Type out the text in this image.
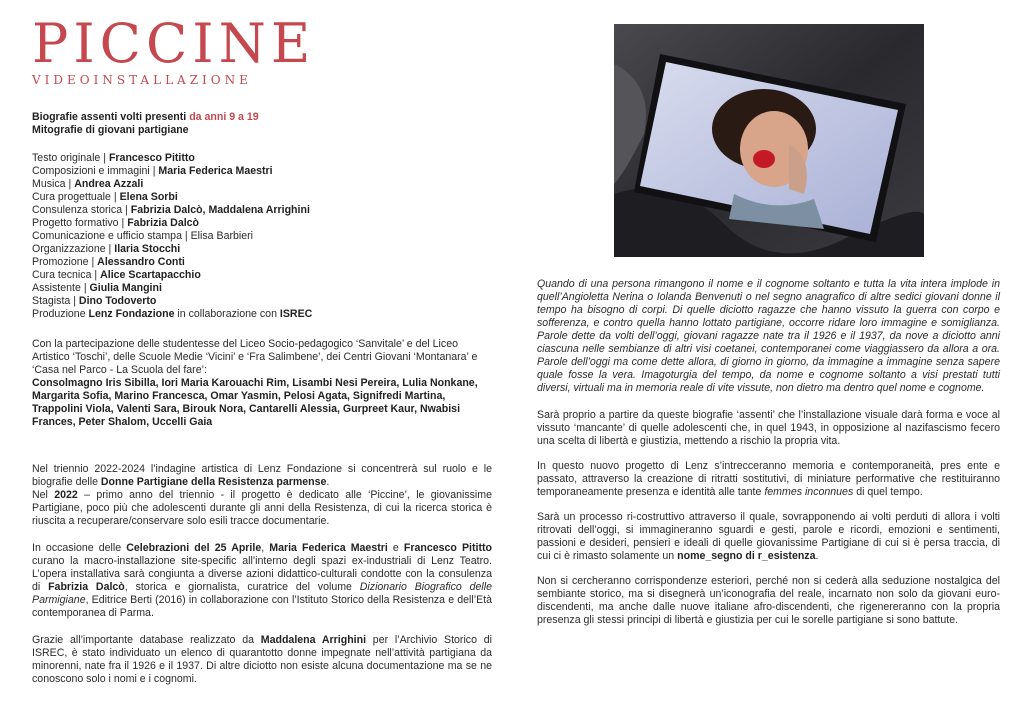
PICCINE
VIDEOINSTALLAZIONE
Biografie assenti volti presenti da anni 9 a 19
Mitografie di giovani partigiane
Testo originale | Francesco Pititto
Composizioni e immagini | Maria Federica Maestri
Musica | Andrea Azzali
Cura progettuale | Elena Sorbi
Consulenza storica | Fabrizia Dalcò, Maddalena Arrighini
Progetto formativo | Fabrizia Dalcò
Comunicazione e ufficio stampa | Elisa Barbieri
Organizzazione | Ilaria Stocchi
Promozione | Alessandro Conti
Cura tecnica | Alice Scartapacchio
Assistente | Giulia Mangini
Stagista | Dino Todoverto
Produzione Lenz Fondazione in collaborazione con ISREC

Con la partecipazione delle studentesse del Liceo Socio-pedagogico ‘Sanvitale’ e del Liceo Artistico ‘Toschi’, delle Scuole Medie ‘Vicini’ e ‘Fra Salimbene’, dei Centri Giovani ‘Montanara’ e ‘Casa nel Parco - La Scuola del fare’:

Consolmagno Iris Sibilla, Iori Maria Karouachi Rim, Lisambi Nesi Pereira, Lulia Nonkane, Margarita Sofia, Marino Francesca, Omar Yasmin, Pelosi Agata, Signifredi Martina, Trappolini Viola, Valenti Sara, Birouk Nora, Cantarelli Alessia, Gurpreet Kaur, Nwabisi Frances, Peter Shalom, Uccelli Gaia

Nel triennio 2022-2024 l’indagine artistica di Lenz Fondazione si concentrerà sul ruolo e le biografie delle Donne Partigiane della Resistenza parmense.

Nel 2022 – primo anno del triennio - il progetto è dedicato alle ‘Piccine’, le giovanissime Partigiane, poco più che adolescenti durante gli anni della Resistenza, di cui la ricerca storica è riuscita a recuperare/conservare solo esili tracce documentarie.

In occasione delle Celebrazioni del 25 Aprile, Maria Federica Maestri e Francesco Pititto curano la macro-installazione site-specific all’interno degli spazi ex-industriali di Lenz Teatro. L’opera installativa sarà congiunta a diverse azioni didattico-culturali condotte con la consulenza di Fabrizia Dalcò, storica e giornalista, curatrice del volume Dizionario Biografico delle Parmigiane, Editrice Berti (2016) in collaborazione con l’Istituto Storico della Resistenza e dell’Età contemporanea di Parma.

Grazie all’importante database realizzato da Maddalena Arrighini per l’Archivio Storico di ISREC, è stato individuato un elenco di quarantotto donne impegnate nell’attività partigiana da minorenni, nate fra il 1926 e il 1937. Di altre diciotto non esiste alcuna documentazione ma se ne conoscono solo i nomi e i cognomi.

Quando di una persona rimangono il nome e il cognome soltanto e tutta la vita intera implode in quell’Angioletta Nerina o Iolanda Benvenuti o nel segno anagrafico di altre sedici giovani donne il tempo ha bisogno di corpi. Di quelle diciotto ragazze che hanno vissuto la guerra con corpo e sofferenza, e contro quella hanno lottato partigiane, occorre ridare loro immagine e somiglianza. Parole dette da volti dell’oggi, giovani ragazze nate tra il 1926 e il 1937, da nove a diciotto anni ciascuna nelle sembianze di altri visi coetanei, contemporanei come viaggiassero da allora a ora. Parole dell’oggi ma come dette allora, di giorno in giorno, da immagine a immagine senza sapere quale fosse la vera. Imagoturgia del tempo, da nome e cognome soltanto a visi prestati tutti diversi, virtuali ma in memoria reale di vite vissute, non dietro ma dentro quel nome e cognome.

Sarà proprio a partire da queste biografie ‘assenti’ che l’installazione visuale darà forma e voce al vissuto ‘mancante’ di quelle adolescenti che, in quel 1943, in opposizione al nazifascismo fecero una scelta di libertà e giustizia, mettendo a rischio la propria vita.

In questo nuovo progetto di Lenz s’intrecceranno memoria e contemporaneità, pres ente e passato, attraverso la creazione di ritratti sostitutivi, di miniature performative che restituiranno temporaneamente presenza e identità alle tante femmes inconnues di quel tempo.

Sarà un processo ri-costruttivo attraverso il quale, sovrapponendo ai volti perduti di allora i volti ritrovati dell’oggi, si immagineranno sguardi e gesti, parole e ricordi, emozioni e sentimenti, passioni e desideri, pensieri e ideali di quelle giovanissime Partigiane di cui si è persa traccia, di cui ci è rimasto solamente un nome_segno di r_esistenza.

Non si cercheranno corrispondenze esteriori, perché non si cederà alla seduzione nostalgica del sembiante storico, ma si disegnerà un’iconografia del reale, incarnato non solo da giovani euro-discendenti, ma anche dalle nuove italiane afro-discendenti, che rigenereranno con la propria presenza gli stessi principi di libertà e giustizia per cui le sorelle partigiane si sono battute.
